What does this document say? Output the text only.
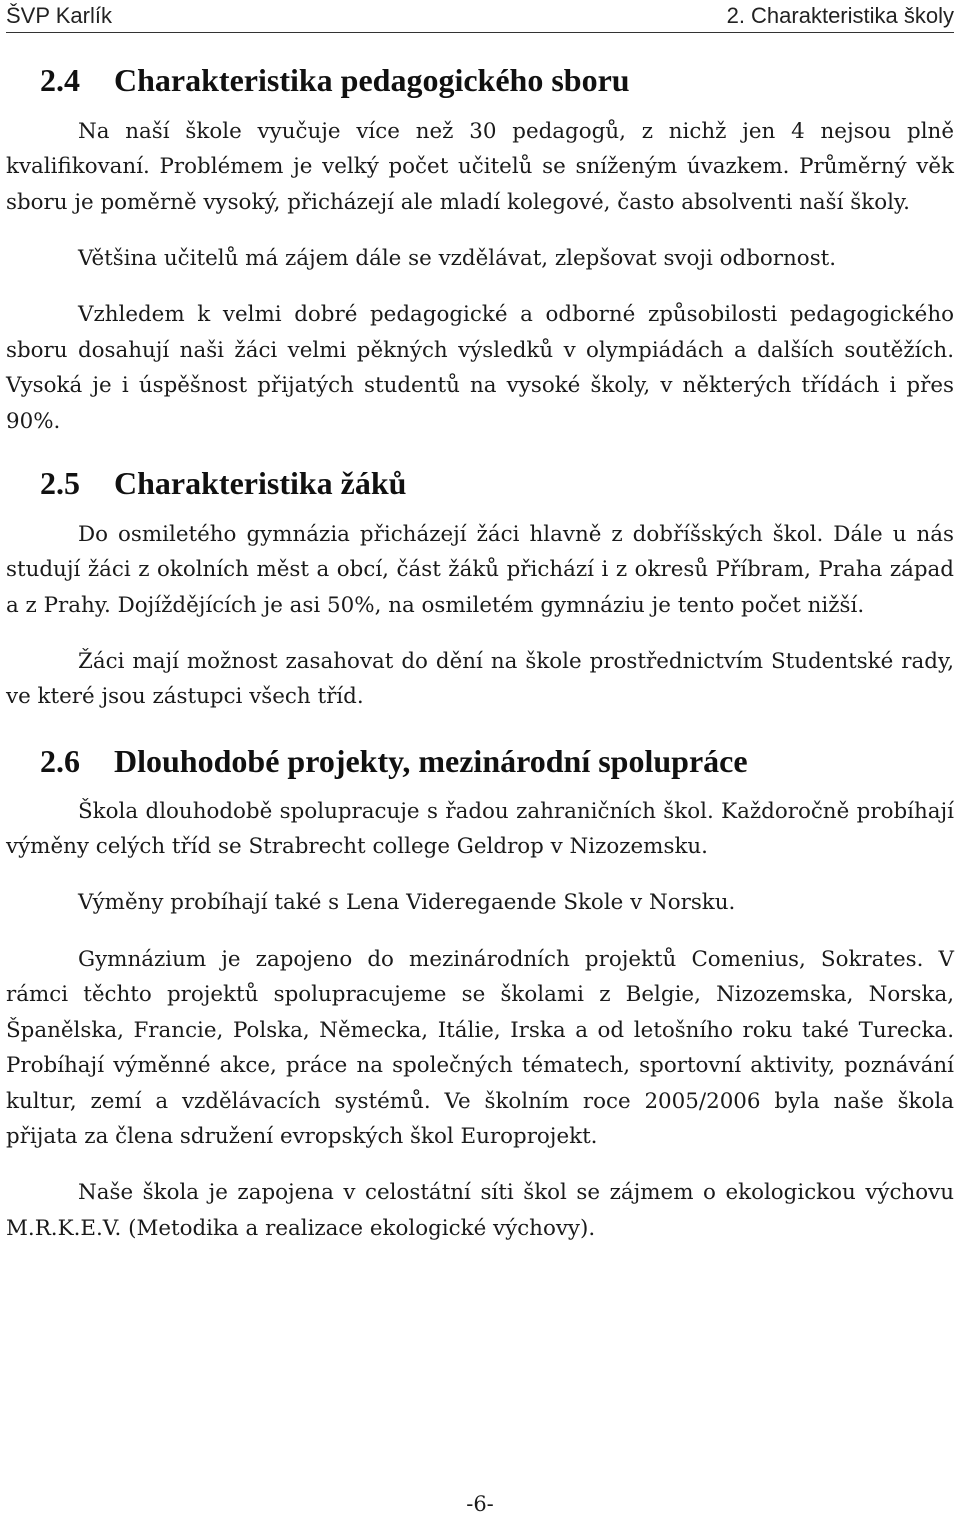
ŠVP Karlík	2. Charakteristika školy
2.4 Charakteristika pedagogického sboru

Na naší škole vyučuje více než 30 pedagogů, z nichž jen 4 nejsou plně kvalifikovaní. Problémem je velký počet učitelů se sníženým úvazkem. Průměrný věk sboru je poměrně vysoký, přicházejí ale mladí kolegové, často absolventi naší školy.

Většina učitelů má zájem dále se vzdělávat, zlepšovat svoji odbornost.

Vzhledem k velmi dobré pedagogické a odborné způsobilosti pedagogického sboru dosahují naši žáci velmi pěkných výsledků v olympiádách a dalších soutěžích. Vysoká je i úspěšnost přijatých studentů na vysoké školy, v některých třídách i přes 90%.

2.5 Charakteristika žáků

Do osmiletého gymnázia přicházejí žáci hlavně z dobříšských škol. Dále u nás studují žáci z okolních měst a obcí, část žáků přichází i z okresů Příbram, Praha západ a z Prahy. Dojíždějících je asi 50%, na osmiletém gymnáziu je tento počet nižší.

Žáci mají možnost zasahovat do dění na škole prostřednictvím Studentské rady, ve které jsou zástupci všech tříd.

2.6 Dlouhodobé projekty, mezinárodní spolupráce

Škola dlouhodobě spolupracuje s řadou zahraničních škol. Každoročně probíhají výměny celých tříd se Strabrecht college Geldrop v Nizozemsku.

Výměny probíhají také s Lena Videregaende Skole v Norsku.

Gymnázium je zapojeno do mezinárodních projektů Comenius, Sokrates. V rámci těchto projektů spolupracujeme se školami z Belgie, Nizozemska, Norska, Španělska, Francie, Polska, Německa, Itálie, Irska a od letošního roku také Turecka. Probíhají výměnné akce, práce na společných tématech, sportovní aktivity, poznávání kultur, zemí a vzdělávacích systémů. Ve školním roce 2005/2006 byla naše škola přijata za člena sdružení evropských škol Europrojekt.

Naše škola je zapojena v celostátní síti škol se zájmem o ekologickou výchovu M.R.K.E.V. (Metodika a realizace ekologické výchovy).

-6-
